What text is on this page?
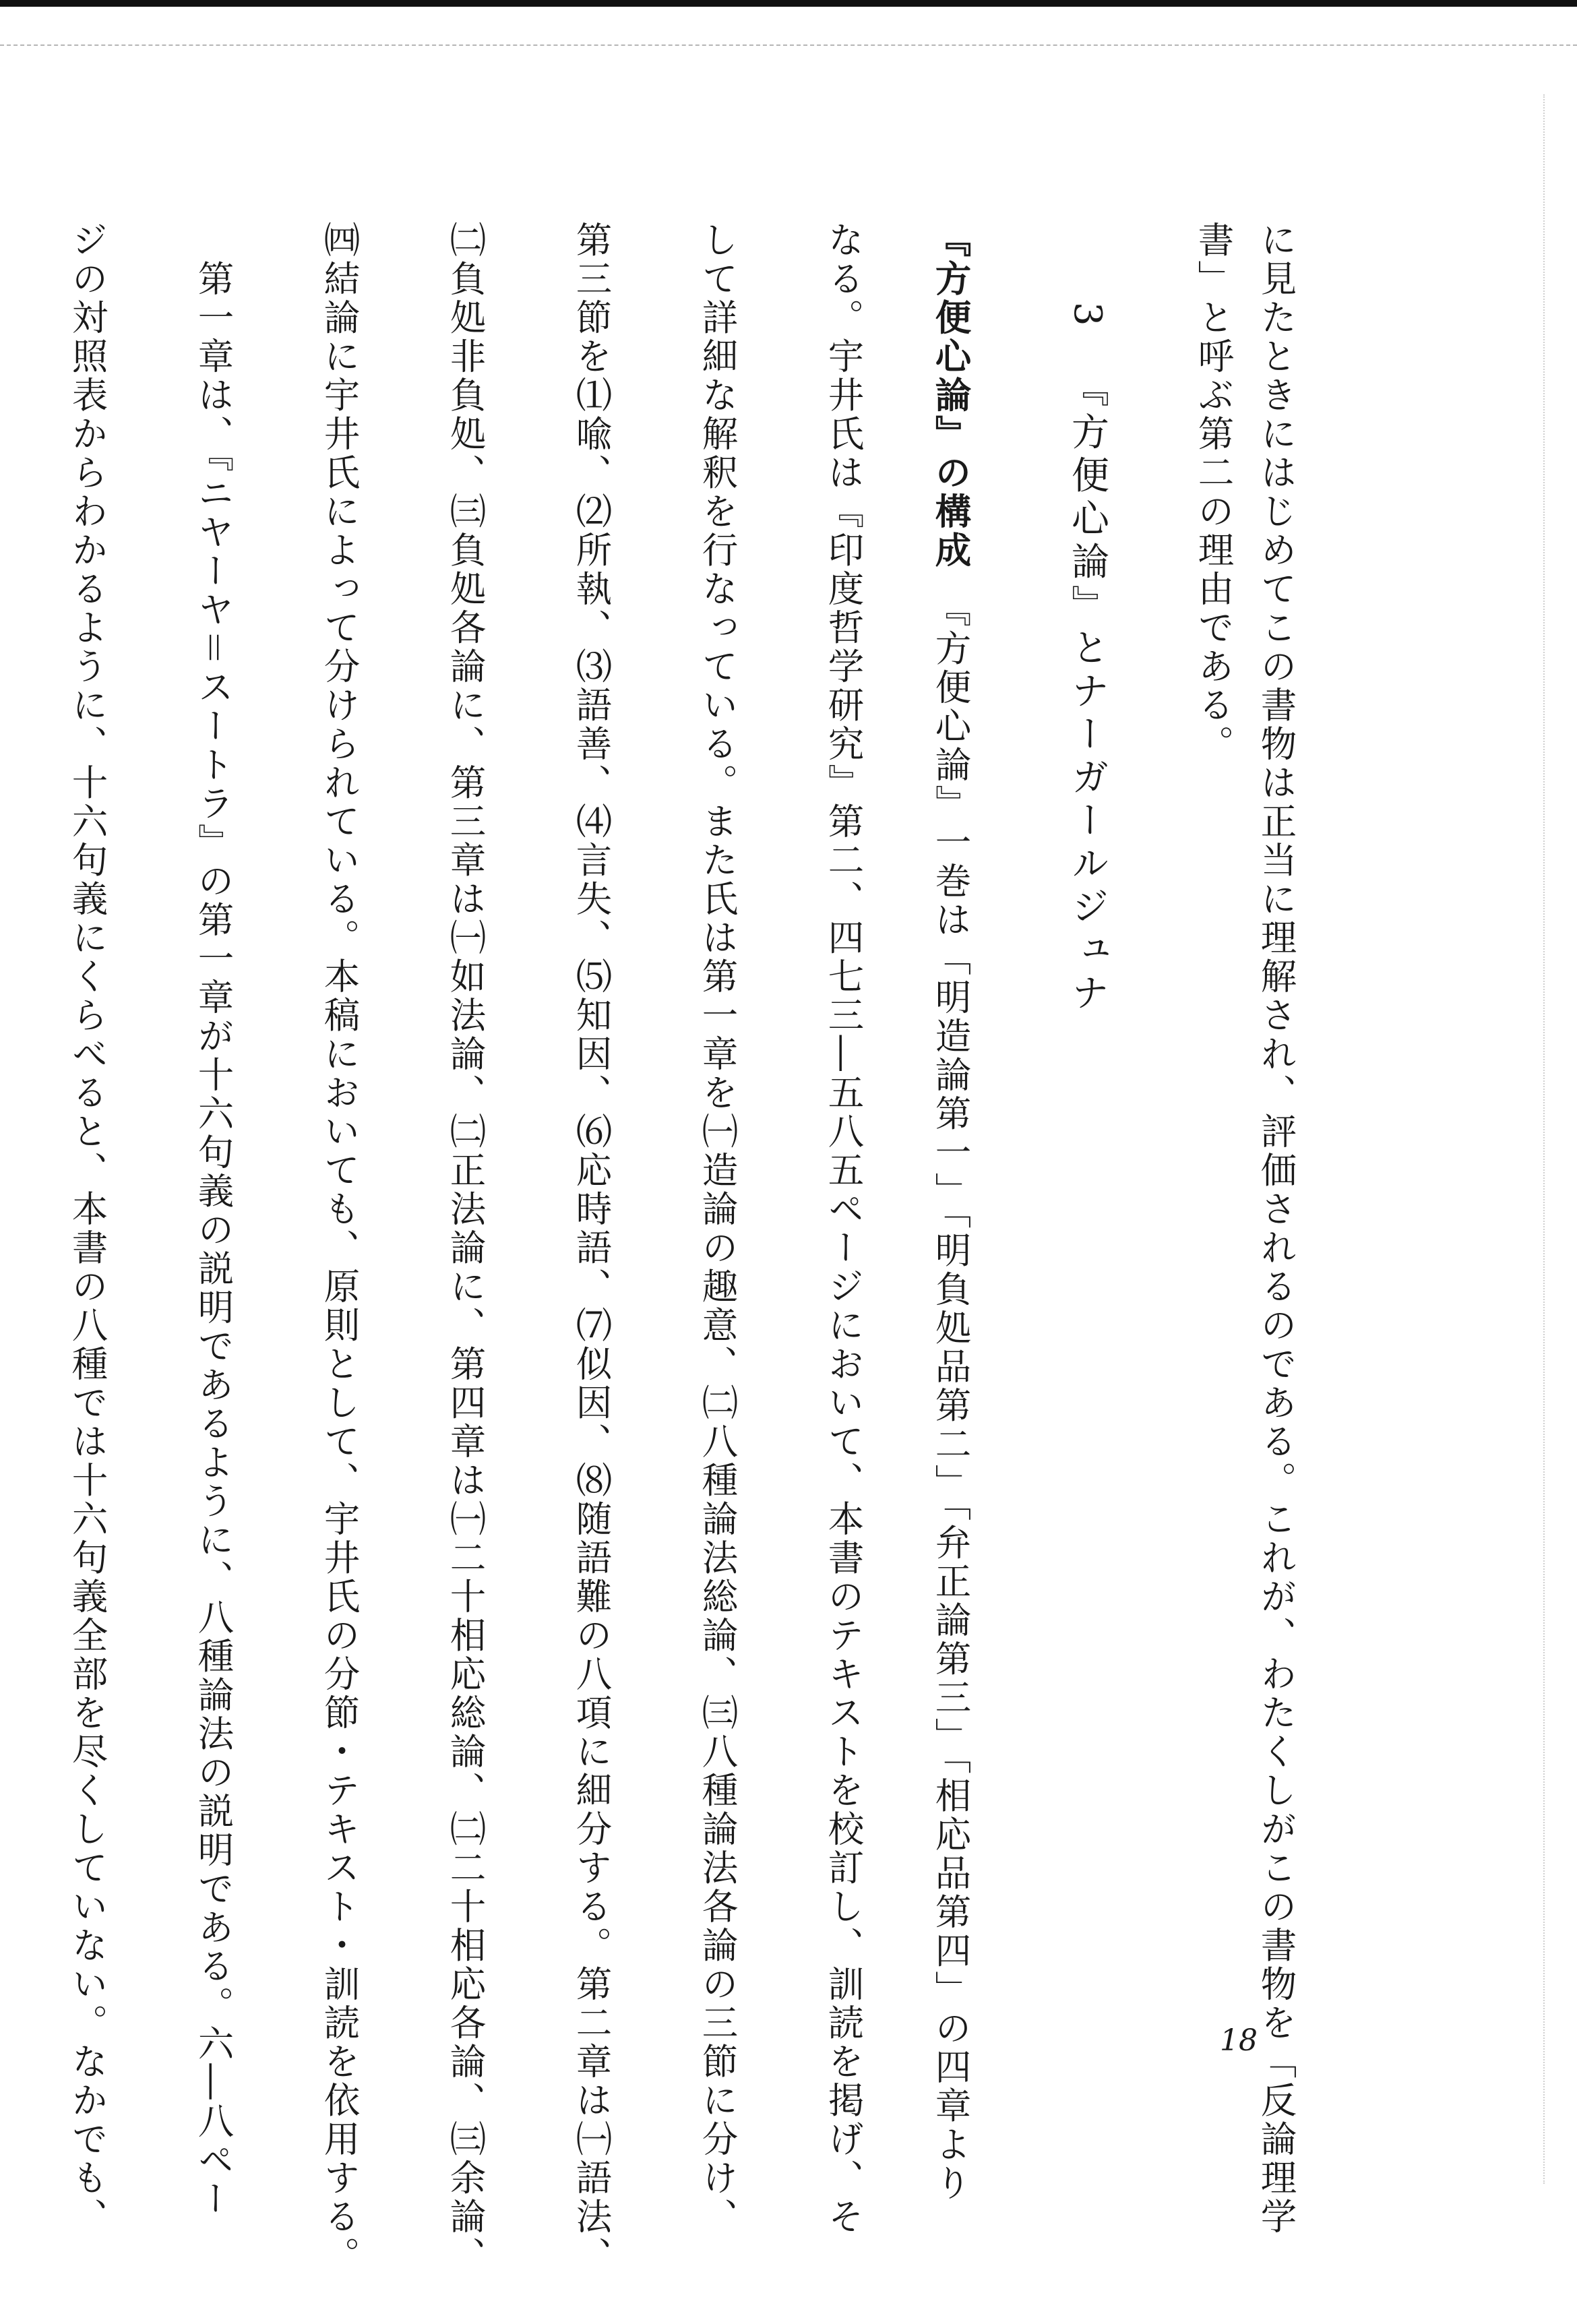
に見たときにはじめてこの書物は正当に理解され、評価されるのである。これが、わたくしがこの書物を「反論理学
書」と呼ぶ第二の理由である。
3『方便心論』とナーガールジュナ
『方便心論』の構成　『方便心論』一巻は「明造論第一」「明負処品第二」「弁正論第三」「相応品第四」の四章より
なる。宇井氏は『印度哲学研究』第二、四七三―五八五ページにおいて、本書のテキストを校訂し、訓読を掲げ、そ
して詳細な解釈を行なっている。また氏は第一章を㈠造論の趣意、㈡八種論法総論、㈢八種論法各論の三節に分け、
第三節を⑴喩、⑵所執、⑶語善、⑷言失、⑸知因、⑹応時語、⑺似因、⑻随語難の八項に細分する。第二章は㈠語法、
㈡負処非負処、㈢負処各論に、第三章は㈠如法論、㈡正法論に、第四章は㈠二十相応総論、㈡二十相応各論、㈢余論、
㈣結論に宇井氏によって分けられている。本稿においても、原則として、宇井氏の分節・テキスト・訓読を依用する。
　第一章は、『ニヤーヤ＝スートラ』の第一章が十六句義の説明であるように、八種論法の説明である。六―八ペー
ジの対照表からわかるように、十六句義にくらべると、本書の八種では十六句義全部を尽くしていない。なかでも、	18
